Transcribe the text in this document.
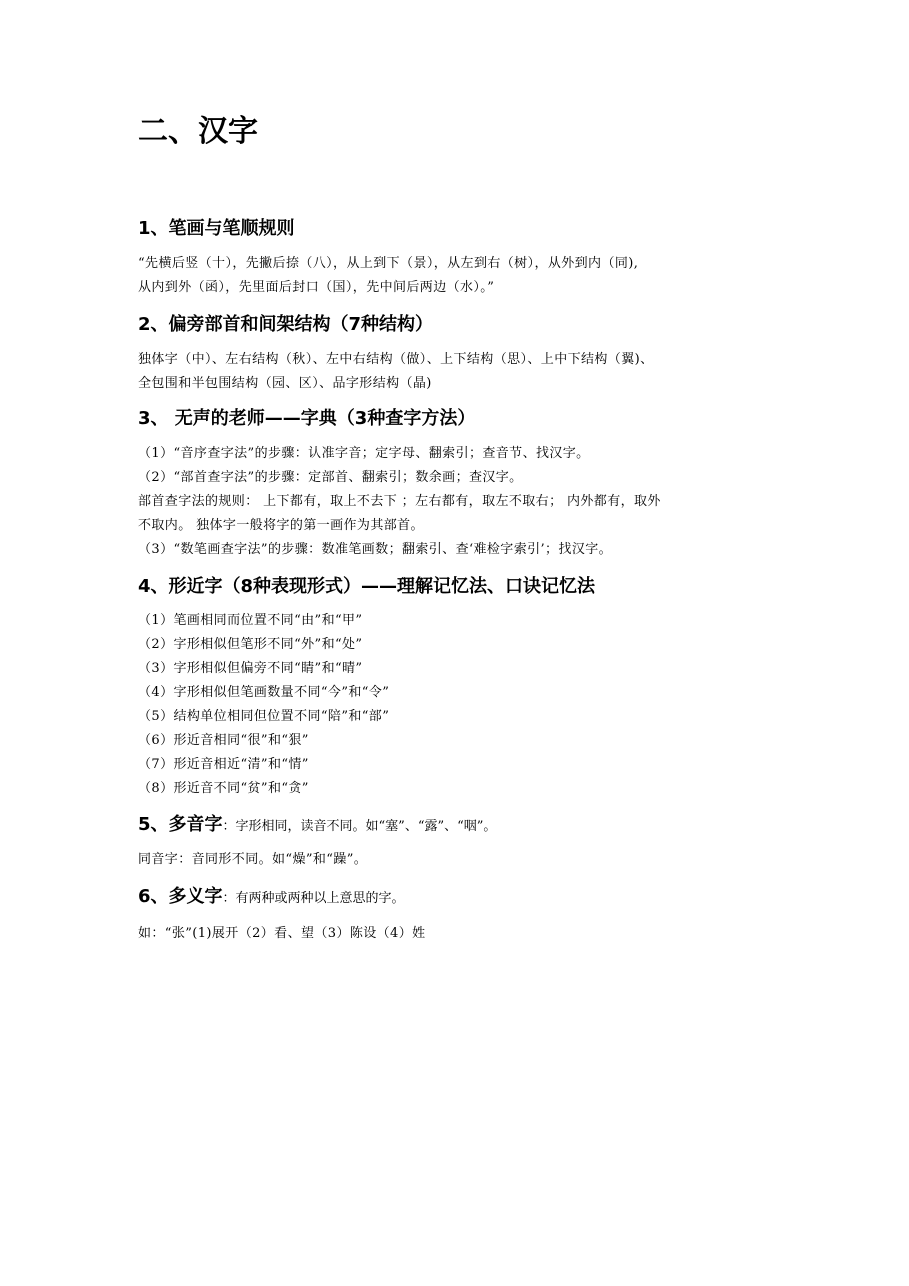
二、汉字
1、笔画与笔顺规则

“先横后竖（十），先撇后捺（八），从上到下（景），从左到右（树），从外到内（同),

从内到外（函），先里面后封口（国），先中间后两边（水）。”

2、偏旁部首和间架结构（7种结构）

独体字（中）、左右结构（秋）、左中右结构（做）、上下结构（思）、上中下结构（翼)、

全包围和半包围结构（园、区）、品字形结构（晶)

3、 无声的老师——字典（3种查字方法）

（1）“音序查字法”的步骤：认准字音；定字母、翻索引；查音节、找汉字。

（2）“部首查字法”的步骤：定部首、翻索引；数余画；查汉字。

部首查字法的规则： 上下都有，取上不去下 ；左右都有，取左不取右； 内外都有，取外

不取内。 独体字一般将字的第一画作为其部首。

（3）“数笔画查字法”的步骤：数准笔画数；翻索引、查‘难检字索引’；找汉字。

4、形近字（8种表现形式）——理解记忆法、口诀记忆法
（1）笔画相同而位置不同“由”和“甲”
（2）字形相似但笔形不同“外”和“处”
（3）字形相似但偏旁不同“睛”和“晴”
（4）字形相似但笔画数量不同“今”和“令”
（5）结构单位相同但位置不同“陪”和“部”
（6）形近音相同“很”和“狠”
（7）形近音相近“清”和“情”
（8）形近音不同“贫”和“贪”
5、多音字：字形相同，读音不同。如“塞”、“露”、“咽”。

同音字：音同形不同。如“燥”和“躁”。

6、多义字：有两种或两种以上意思的字。

如：“张”(1)展开（2）看、望（3）陈设（4）姓
